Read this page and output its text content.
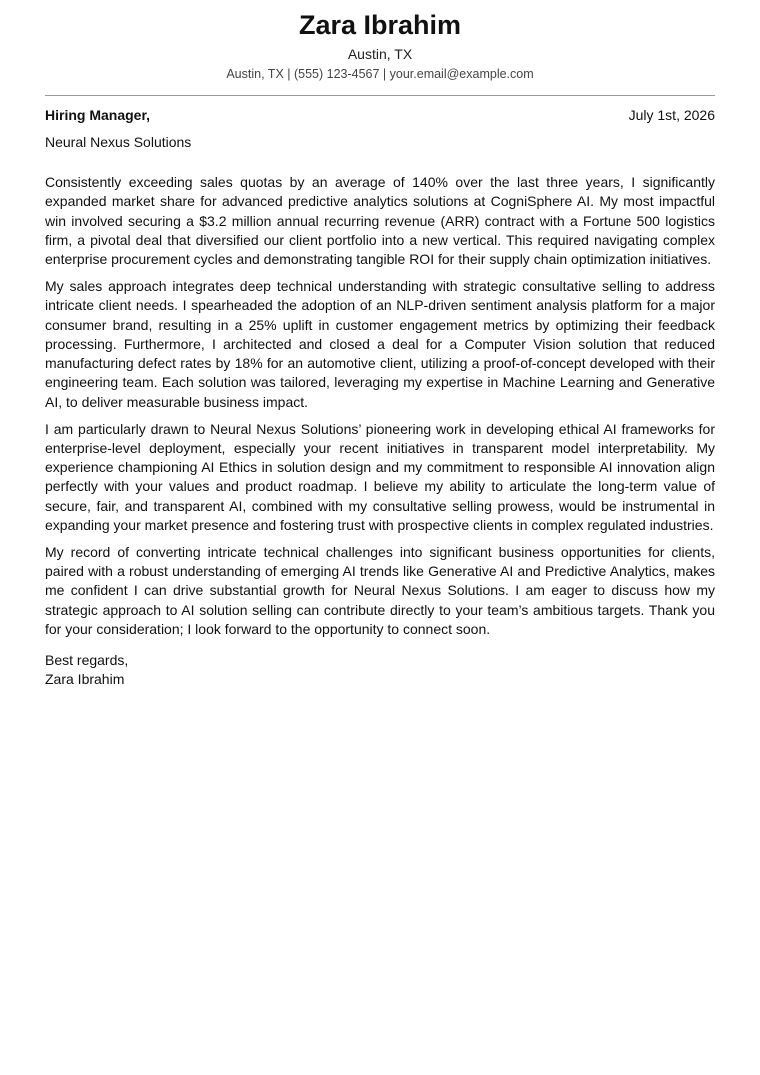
Zara Ibrahim
Austin, TX
Austin, TX | (555) 123-4567 | your.email@example.com
Hiring Manager,	July 1st, 2026
Neural Nexus Solutions

Consistently exceeding sales quotas by an average of 140% over the last three years, I significantly expanded market share for advanced predictive analytics solutions at CogniSphere AI. My most impactful win involved securing a $3.2 million annual recurring revenue (ARR) contract with a Fortune 500 logistics firm, a pivotal deal that diversified our client portfolio into a new vertical. This required navigating complex enterprise procurement cycles and demonstrating tangible ROI for their supply chain optimization initiatives.

My sales approach integrates deep technical understanding with strategic consultative selling to address intricate client needs. I spearheaded the adoption of an NLP-driven sentiment analysis platform for a major consumer brand, resulting in a 25% uplift in customer engagement metrics by optimizing their feedback processing. Furthermore, I architected and closed a deal for a Computer Vision solution that reduced manufacturing defect rates by 18% for an automotive client, utilizing a proof-of-concept developed with their engineering team. Each solution was tailored, leveraging my expertise in Machine Learning and Generative AI, to deliver measurable business impact.

I am particularly drawn to Neural Nexus Solutions’ pioneering work in developing ethical AI frameworks for enterprise-level deployment, especially your recent initiatives in transparent model interpretability. My experience championing AI Ethics in solution design and my commitment to responsible AI innovation align perfectly with your values and product roadmap. I believe my ability to articulate the long-term value of secure, fair, and transparent AI, combined with my consultative selling prowess, would be instrumental in expanding your market presence and fostering trust with prospective clients in complex regulated industries.

My record of converting intricate technical challenges into significant business opportunities for clients, paired with a robust understanding of emerging AI trends like Generative AI and Predictive Analytics, makes me confident I can drive substantial growth for Neural Nexus Solutions. I am eager to discuss how my strategic approach to AI solution selling can contribute directly to your team’s ambitious targets. Thank you for your consideration; I look forward to the opportunity to connect soon.

Best regards,
Zara Ibrahim
